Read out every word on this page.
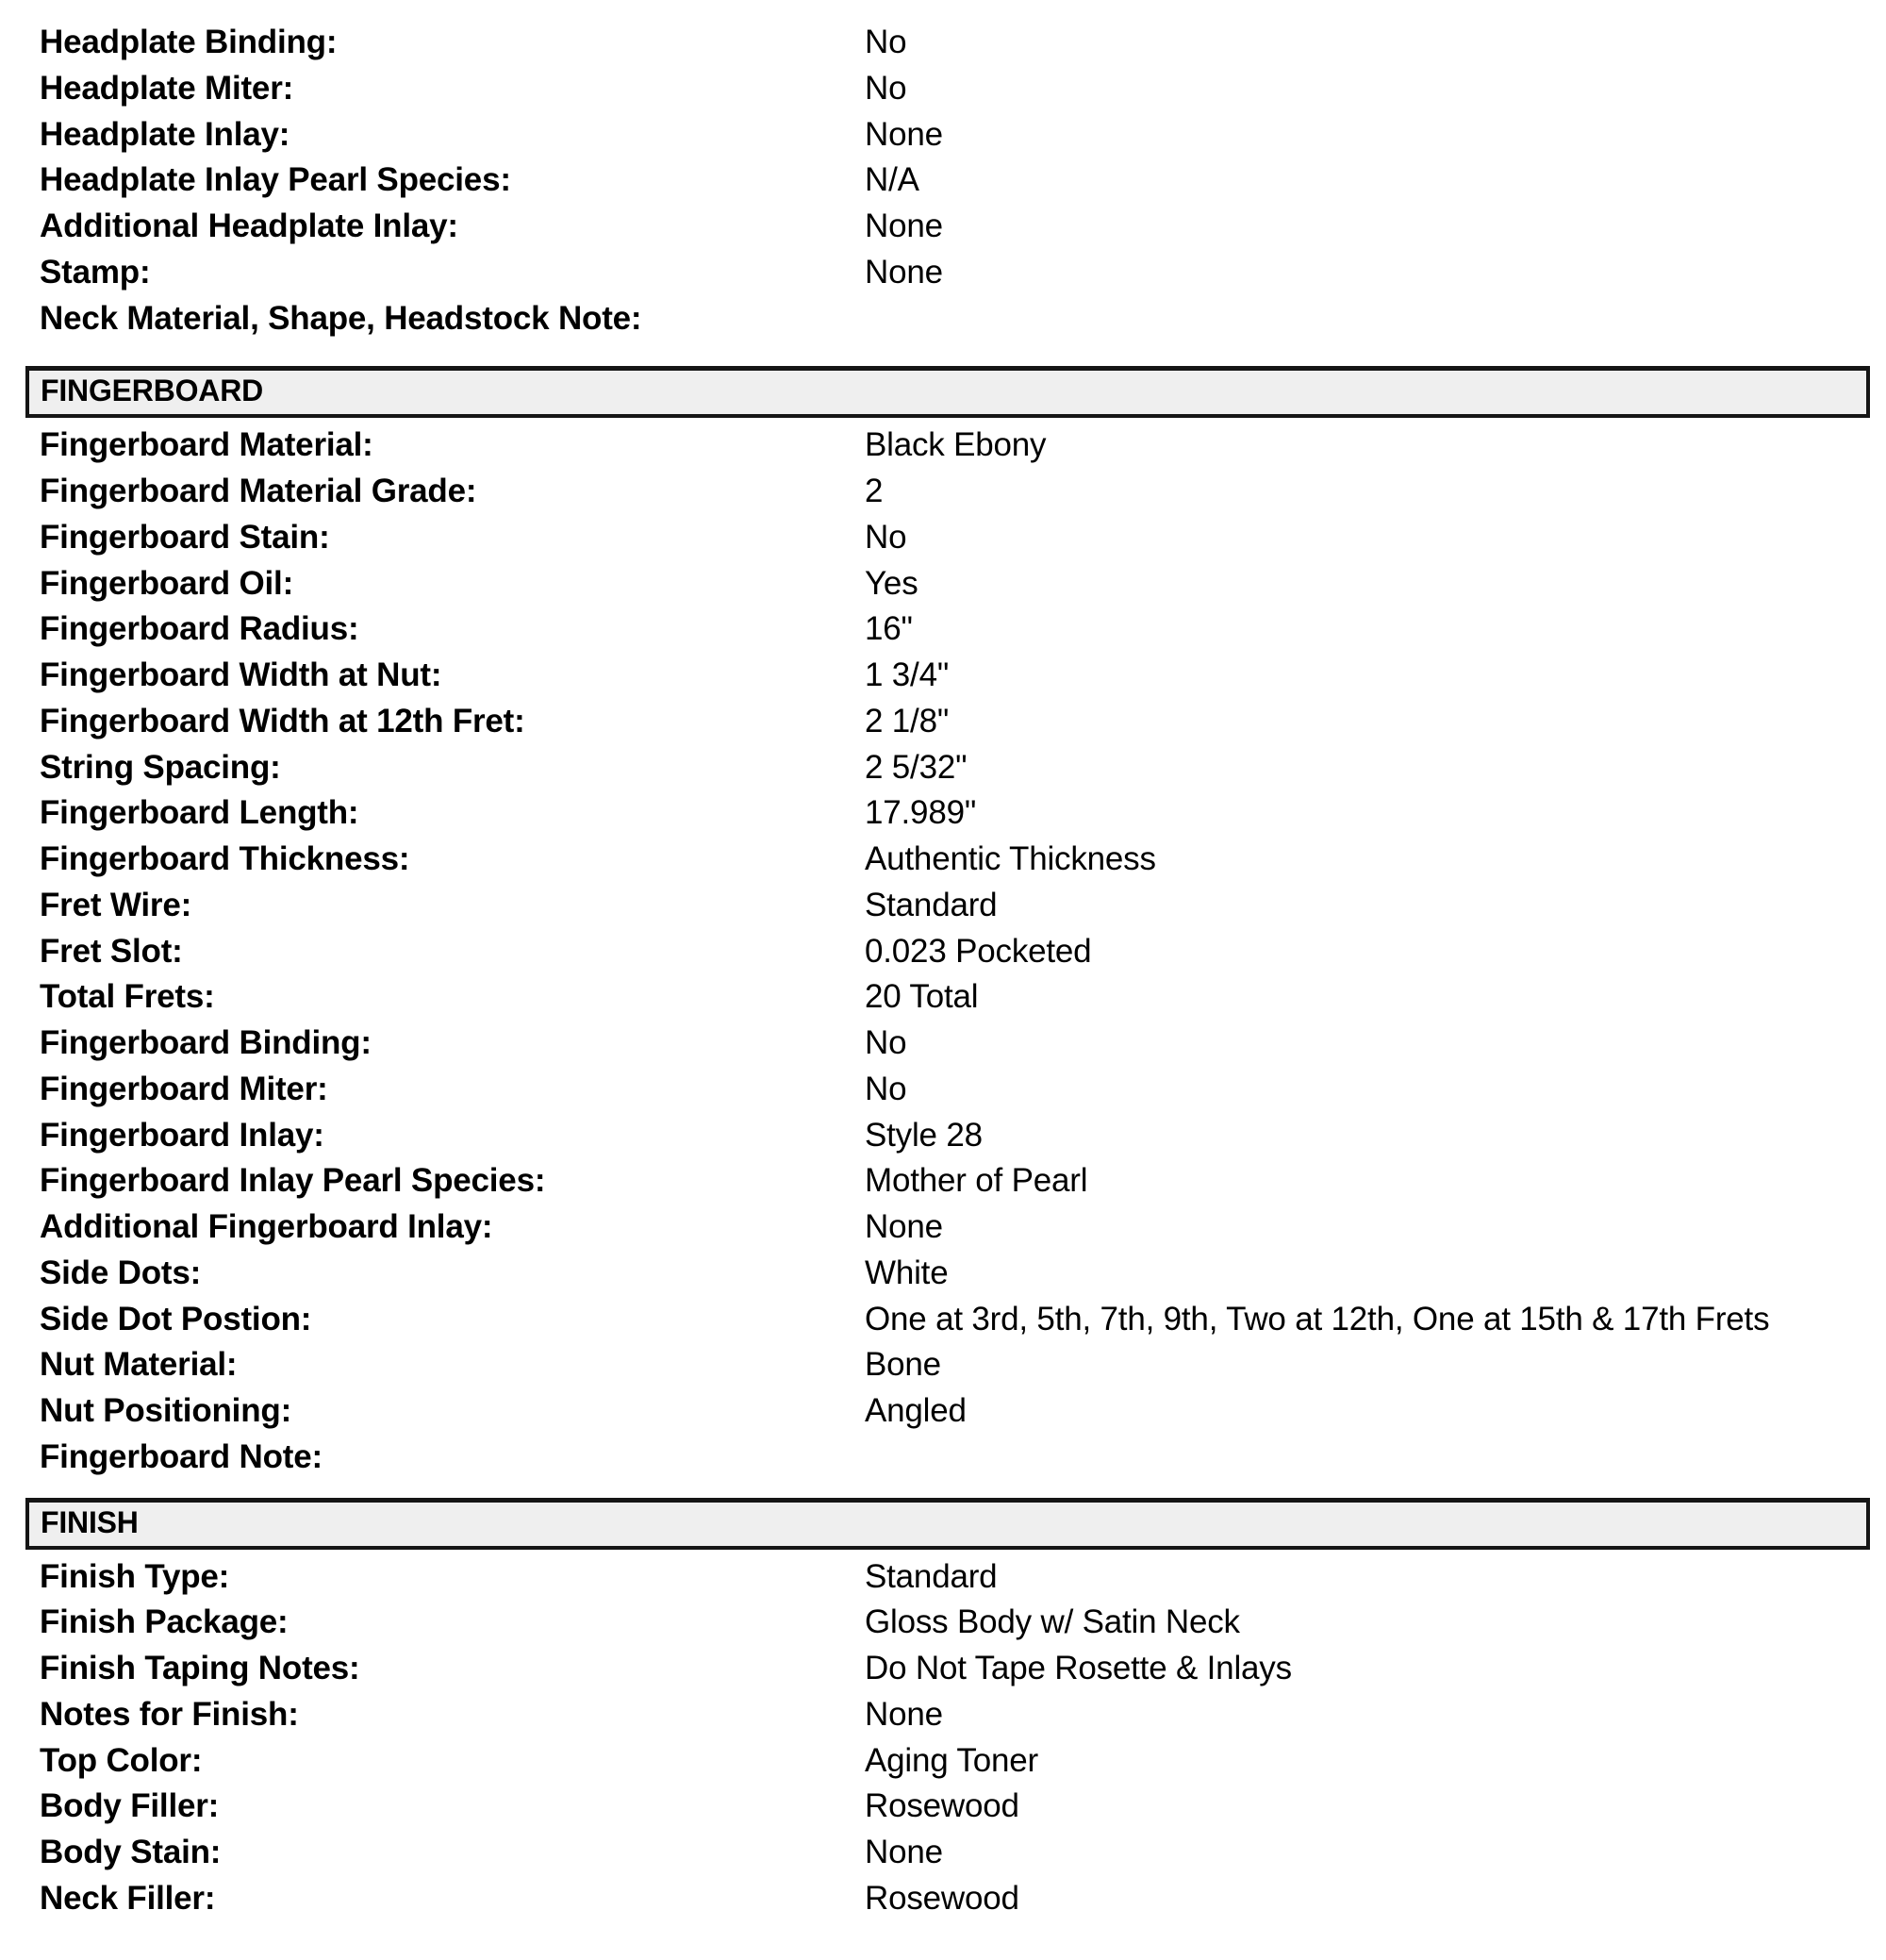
Headplate Binding:	No
Headplate Miter:	No
Headplate Inlay:	None
Headplate Inlay Pearl Species:	N/A
Additional Headplate Inlay:	None
Stamp:	None
Neck Material, Shape, Headstock Note:
FINGERBOARD
Fingerboard Material:	Black Ebony
Fingerboard Material Grade:	2
Fingerboard Stain:	No
Fingerboard Oil:	Yes
Fingerboard Radius:	16"
Fingerboard Width at Nut:	1 3/4"
Fingerboard Width at 12th Fret:	2 1/8"
String Spacing:	2 5/32"
Fingerboard Length:	17.989"
Fingerboard Thickness:	Authentic Thickness
Fret Wire:	Standard
Fret Slot:	0.023 Pocketed
Total Frets:	20 Total
Fingerboard Binding:	No
Fingerboard Miter:	No
Fingerboard Inlay:	Style 28
Fingerboard Inlay Pearl Species:	Mother of Pearl
Additional Fingerboard Inlay:	None
Side Dots:	White
Side Dot Postion:	One at 3rd, 5th, 7th, 9th, Two at 12th, One at 15th & 17th Frets
Nut Material:	Bone
Nut Positioning:	Angled
Fingerboard Note:
FINISH
Finish Type:	Standard
Finish Package:	Gloss Body w/ Satin Neck
Finish Taping Notes:	Do Not Tape Rosette & Inlays
Notes for Finish:	None
Top Color:	Aging Toner
Body Filler:	Rosewood
Body Stain:	None
Neck Filler:	Rosewood
